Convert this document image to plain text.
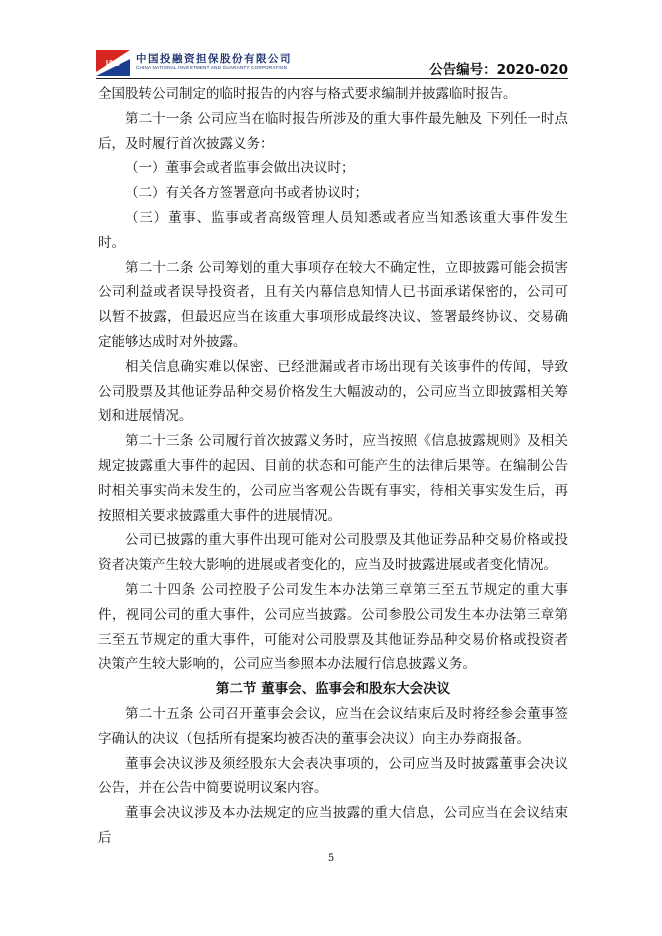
I&G 中国投融资担保股份有限公司
CHINA NATIONAL INVESTMENT AND GUARANTY CORPORATION	公告编号：2020-020

全国股转公司制定的临时报告的内容与格式要求编制并披露临时报告。

第二十一条 公司应当在临时报告所涉及的重大事件最先触及 下列任一时点后，及时履行首次披露义务：

（一）董事会或者监事会做出决议时；

（二）有关各方签署意向书或者协议时；

（三）董事、监事或者高级管理人员知悉或者应当知悉该重大事件发生时。

第二十二条 公司筹划的重大事项存在较大不确定性，立即披露可能会损害公司利益或者误导投资者，且有关内幕信息知情人已书面承诺保密的，公司可以暂不披露，但最迟应当在该重大事项形成最终决议、签署最终协议、交易确定能够达成时对外披露。

相关信息确实难以保密、已经泄漏或者市场出现有关该事件的传闻，导致公司股票及其他证券品种交易价格发生大幅波动的，公司应当立即披露相关筹划和进展情况。

第二十三条 公司履行首次披露义务时，应当按照《信息披露规则》及相关规定披露重大事件的起因、目前的状态和可能产生的法律后果等。在编制公告时相关事实尚未发生的，公司应当客观公告既有事实，待相关事实发生后，再按照相关要求披露重大事件的进展情况。

公司已披露的重大事件出现可能对公司股票及其他证券品种交易价格或投资者决策产生较大影响的进展或者变化的，应当及时披露进展或者变化情况。

第二十四条 公司控股子公司发生本办法第三章第三至五节规定的重大事件，视同公司的重大事件，公司应当披露。公司参股公司发生本办法第三章第三至五节规定的重大事件，可能对公司股票及其他证券品种交易价格或投资者决策产生较大影响的，公司应当参照本办法履行信息披露义务。

第二节 董事会、监事会和股东大会决议

第二十五条 公司召开董事会会议，应当在会议结束后及时将经参会董事签字确认的决议（包括所有提案均被否决的董事会决议）向主办券商报备。

董事会决议涉及须经股东大会表决事项的，公司应当及时披露董事会决议公告，并在公告中简要说明议案内容。

董事会决议涉及本办法规定的应当披露的重大信息，公司应当在会议结束后

5
